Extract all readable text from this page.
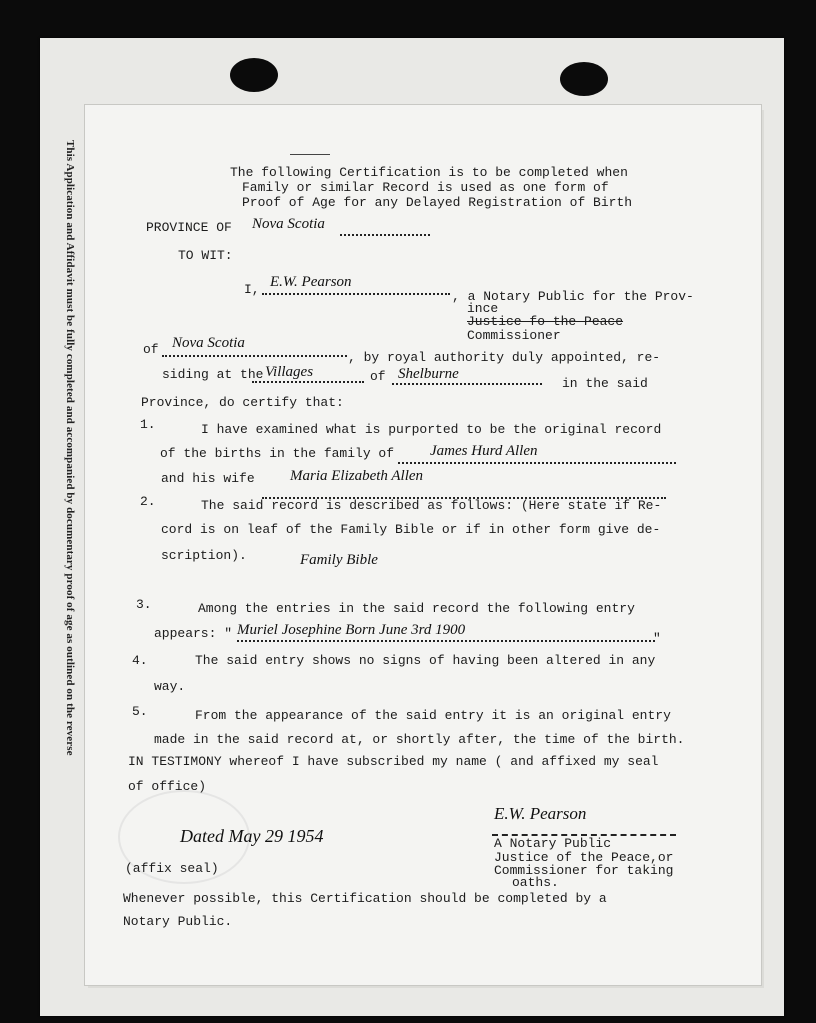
This Application and Affidavit must be fully completed and accompanied by documentary proof of age as outlined on the reverse	The following Certification is to be completed when
Family or similar Record is used as one form of
Proof of Age for any Delayed Registration of Birth
PROVINCE OF Nova Scotia
TO WIT:
I, E.W. Pearson
, a Notary Public for the Prov-
ince
Justice fo the Peace
Commissioner
of Nova Scotia
, by royal authority duly appointed, re-
siding at the Villages	of Shelburne
in the said
Province, do certify that:
1.	I have examined what is purported to be the original record
of the births in the family of James Hurd Allen
and his wife Maria Elizabeth Allen
2.	The said record is described as follows: (Here state if Re-
cord is on leaf of the Family Bible or if in other form give de-
scription).	Family Bible
3.	Among the entries in the said record the following entry
appears: " Muriel Josephine Born June 3rd 1900
"
4.	The said entry shows no signs of having been altered in any
way.
5.	From the appearance of the said entry it is an original entry
made in the said record at, or shortly after, the time of the birth.
IN TESTIMONY whereof I have subscribed my name ( and affixed my seal
of office)
Dated May 29 1954
(affix seal)
E.W. Pearson
A Notary Public
Justice of the Peace,or
Commissioner for taking
oaths.
Whenever possible, this Certification should be completed by a
Notary Public.
